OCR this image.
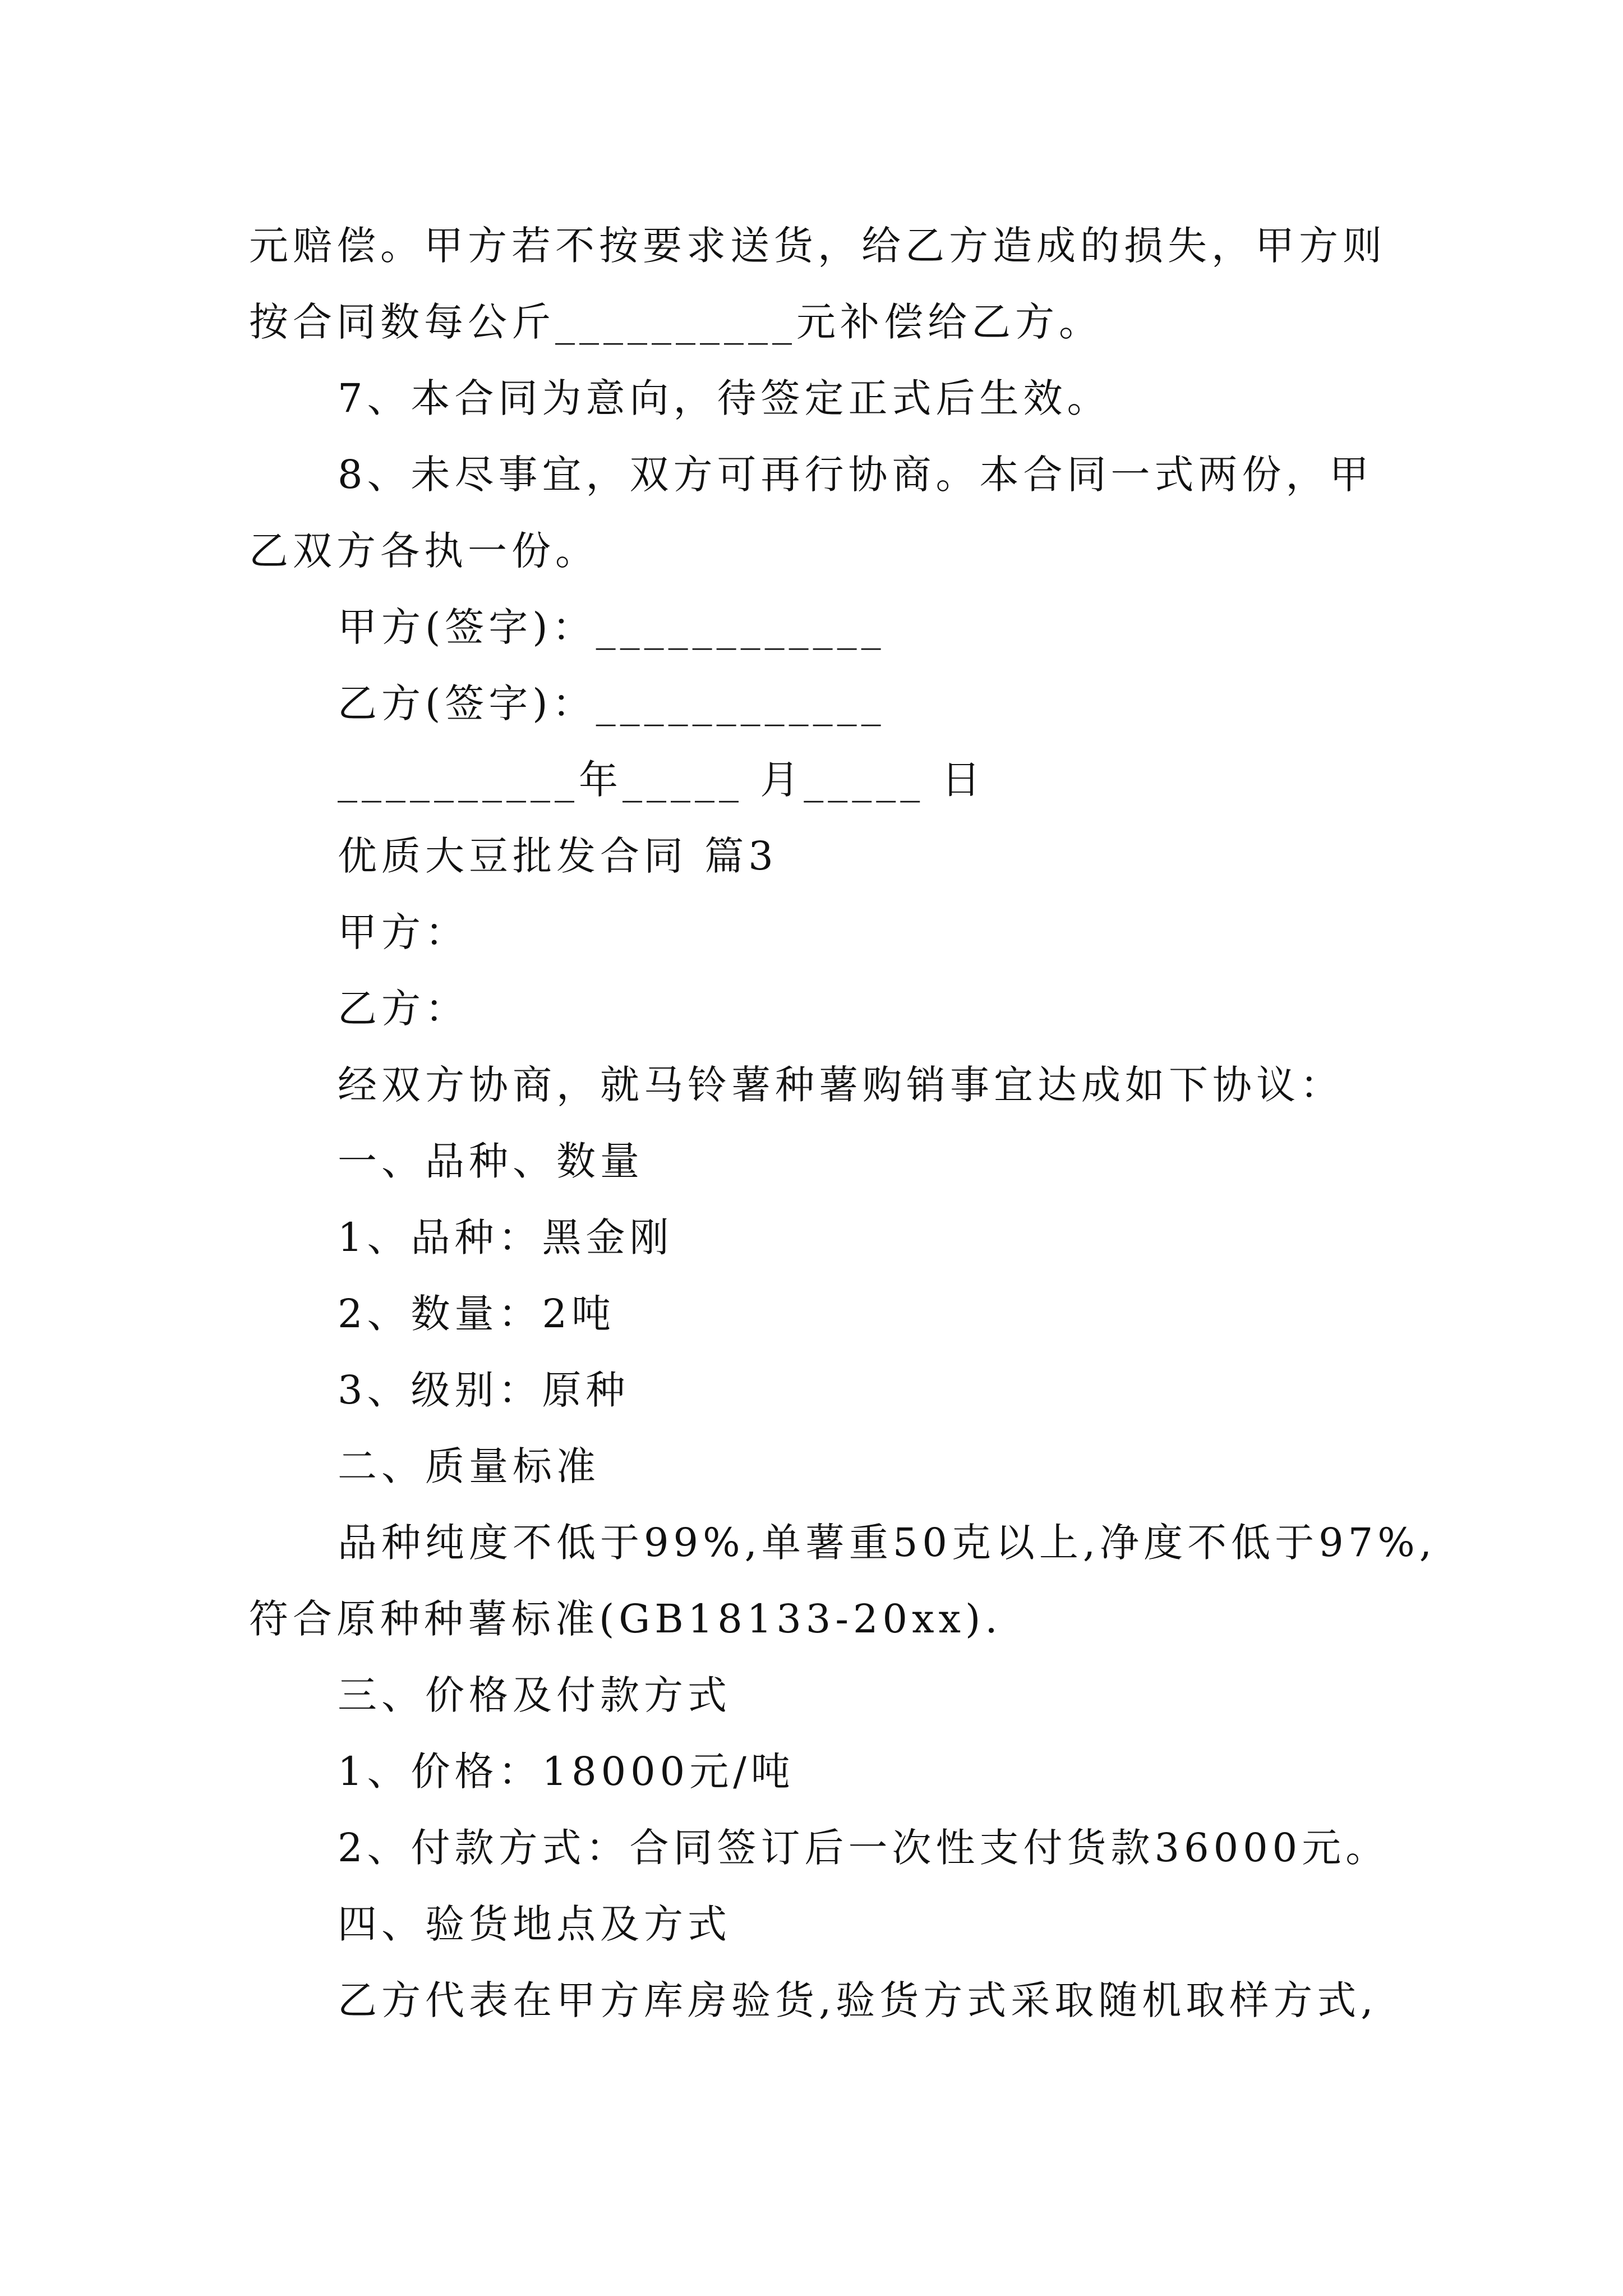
元赔偿。甲方若不按要求送货，给乙方造成的损失，甲方则
按合同数每公斤__________元补偿给乙方。
7、本合同为意向，待签定正式后生效。
8、未尽事宜，双方可再行协商。本合同一式两份，甲
乙双方各执一份。
甲方(签字)：____________
乙方(签字)：____________
__________年_____ 月_____ 日
优质大豆批发合同 篇3
甲方：
乙方：
经双方协商，就马铃薯种薯购销事宜达成如下协议：
一、品种、数量
1、品种：黑金刚
2、数量：2吨
3、级别：原种
二、质量标准
品种纯度不低于99%,单薯重50克以上,净度不低于97%,
符合原种种薯标准(GB18133-20xx).
三、价格及付款方式
1、价格：18000元/吨
2、付款方式：合同签订后一次性支付货款36000元。
四、验货地点及方式
乙方代表在甲方库房验货,验货方式采取随机取样方式,
